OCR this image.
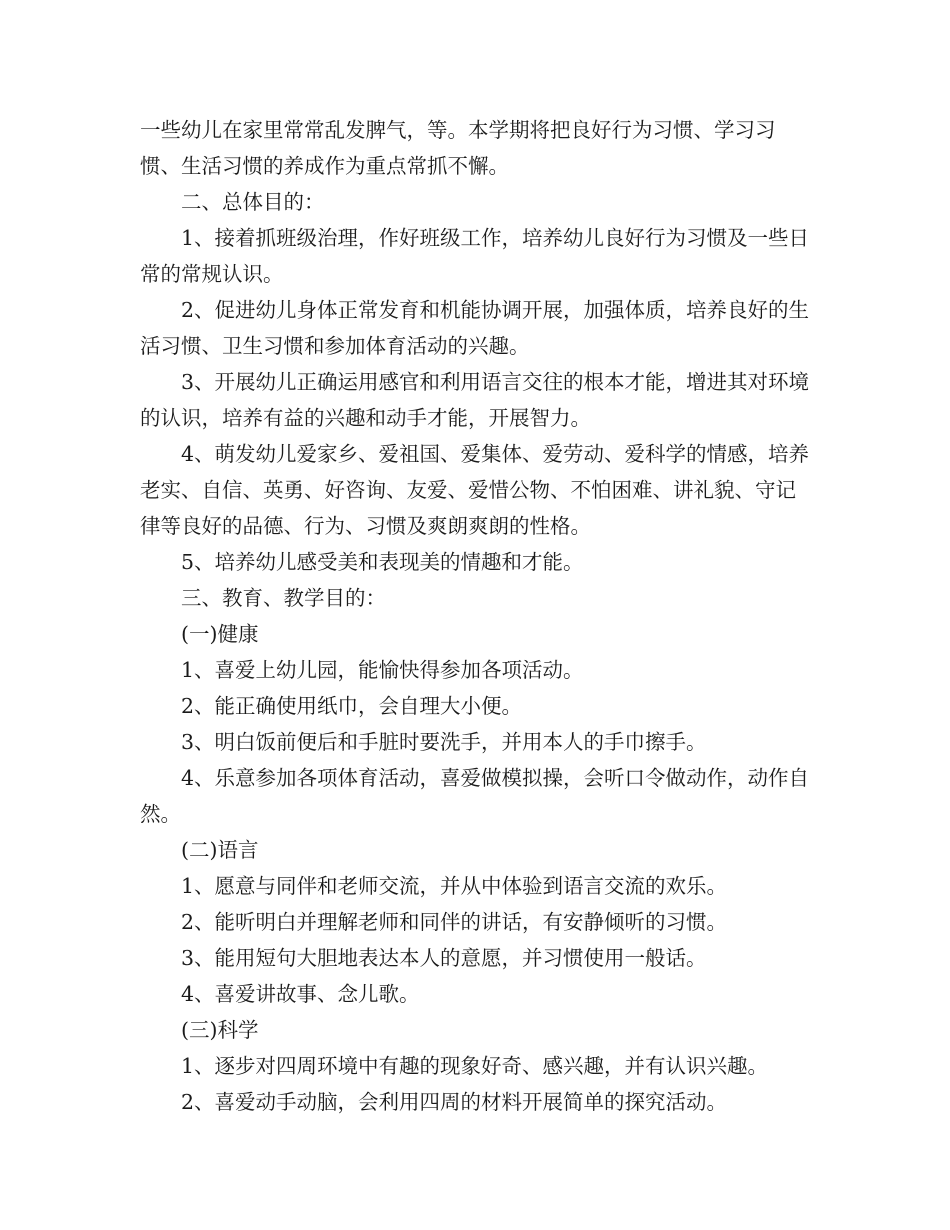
一些幼儿在家里常常乱发脾气，等。本学期将把良好行为习惯、学习习惯、生活习惯的养成作为重点常抓不懈。

二、总体目的：

1、接着抓班级治理，作好班级工作，培养幼儿良好行为习惯及一些日常的常规认识。

2、促进幼儿身体正常发育和机能协调开展，加强体质，培养良好的生活习惯、卫生习惯和参加体育活动的兴趣。

3、开展幼儿正确运用感官和利用语言交往的根本才能，增进其对环境的认识，培养有益的兴趣和动手才能，开展智力。

4、萌发幼儿爱家乡、爱祖国、爱集体、爱劳动、爱科学的情感，培养老实、自信、英勇、好咨询、友爱、爱惜公物、不怕困难、讲礼貌、守记律等良好的品德、行为、习惯及爽朗爽朗的性格。

5、培养幼儿感受美和表现美的情趣和才能。

三、教育、教学目的：

(一)健康

1、喜爱上幼儿园，能愉快得参加各项活动。

2、能正确使用纸巾，会自理大小便。

3、明白饭前便后和手脏时要洗手，并用本人的手巾擦手。

4、乐意参加各项体育活动，喜爱做模拟操，会听口令做动作，动作自然。

(二)语言

1、愿意与同伴和老师交流，并从中体验到语言交流的欢乐。

2、能听明白并理解老师和同伴的讲话，有安静倾听的习惯。

3、能用短句大胆地表达本人的意愿，并习惯使用一般话。

4、喜爱讲故事、念儿歌。

(三)科学

1、逐步对四周环境中有趣的现象好奇、感兴趣，并有认识兴趣。

2、喜爱动手动脑，会利用四周的材料开展简单的探究活动。
